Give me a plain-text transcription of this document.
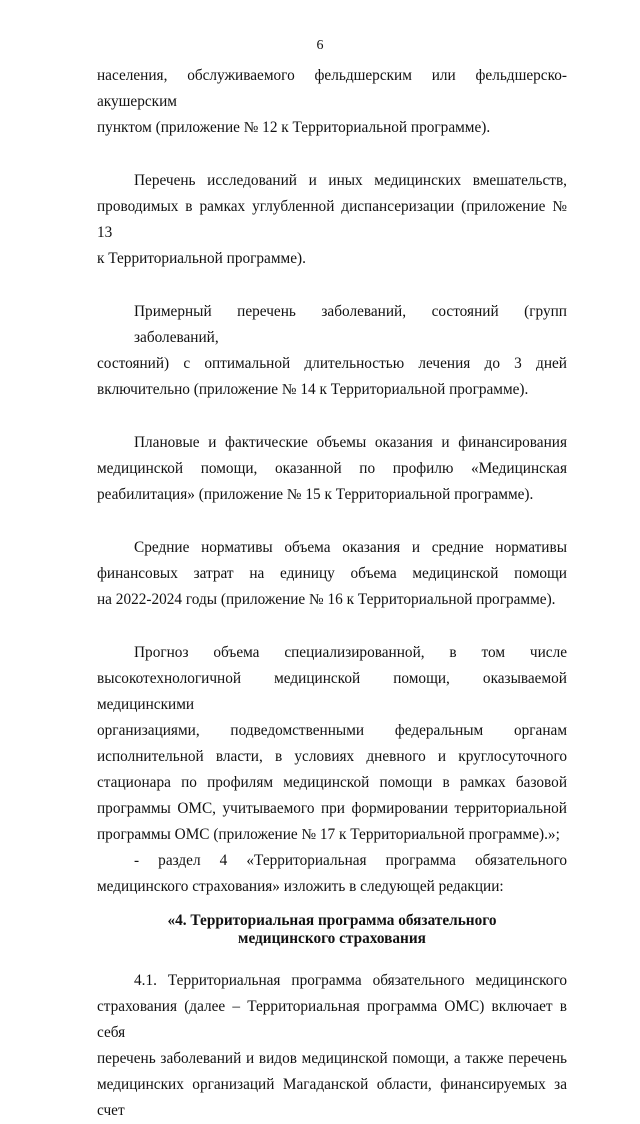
6
населения, обслуживаемого фельдшерским или фельдшерско-акушерским
пунктом (приложение № 12 к Территориальной программе).
Перечень исследований и иных медицинских вмешательств,
проводимых в рамках углубленной диспансеризации (приложение № 13
к Территориальной программе).
Примерный перечень заболеваний, состояний (групп заболеваний,
состояний) с оптимальной длительностью лечения до 3 дней
включительно (приложение № 14 к Территориальной программе).
Плановые и фактические объемы оказания и финансирования
медицинской помощи, оказанной по профилю «Медицинская
реабилитация» (приложение № 15 к Территориальной программе).
Средние нормативы объема оказания и средние нормативы
финансовых затрат на единицу объема медицинской помощи
на 2022-2024 годы (приложение № 16 к Территориальной программе).
Прогноз объема специализированной, в том числе
высокотехнологичной медицинской помощи, оказываемой медицинскими
организациями, подведомственными федеральным органам
исполнительной власти, в условиях дневного и круглосуточного
стационара по профилям медицинской помощи в рамках базовой
программы ОМС, учитываемого при формировании территориальной
программы ОМС (приложение № 17 к Территориальной программе).»;
- раздел 4 «Территориальная программа обязательного
медицинского страхования» изложить в следующей редакции:
«4. Территориальная программа обязательного
медицинского страхования
4.1. Территориальная программа обязательного медицинского
страхования (далее – Территориальная программа ОМС) включает в себя
перечень заболеваний и видов медицинской помощи, а также перечень
медицинских организаций Магаданской области, финансируемых за счет
